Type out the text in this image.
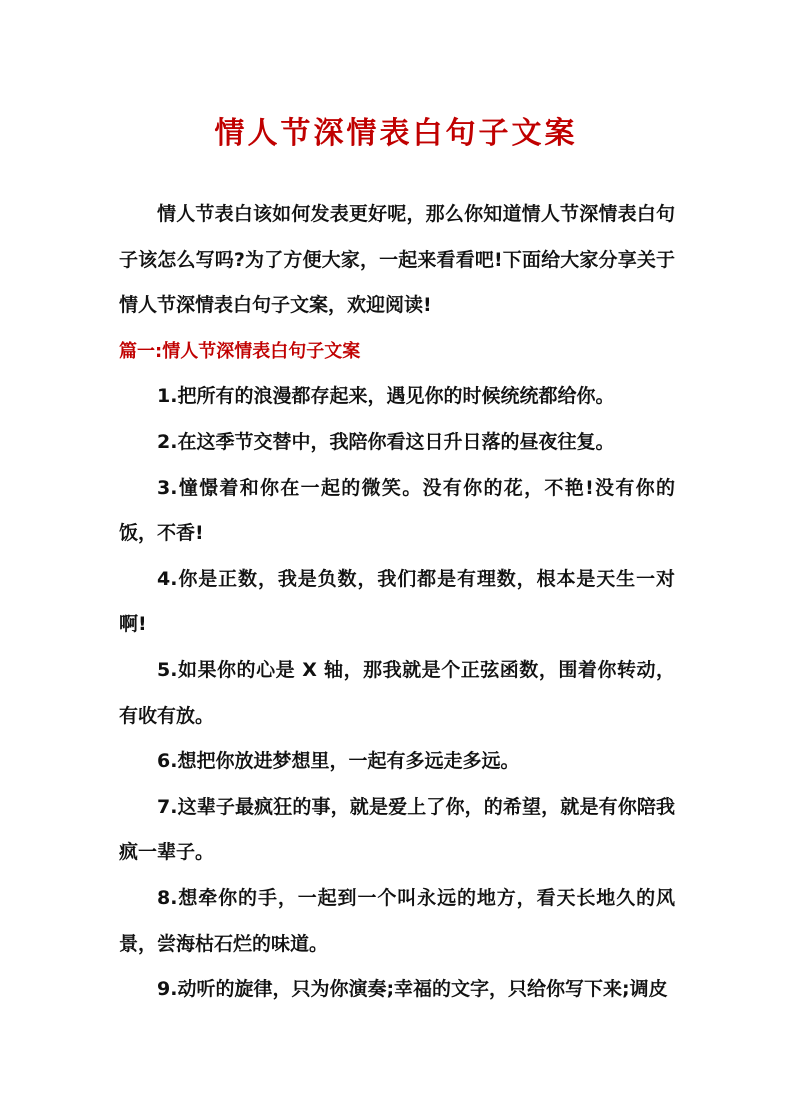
情人节深情表白句子文案

情人节表白该如何发表更好呢，那么你知道情人节深情表白句子该怎么写吗?为了方便大家，一起来看看吧!下面给大家分享关于情人节深情表白句子文案，欢迎阅读!

篇一:情人节深情表白句子文案

1.把所有的浪漫都存起来，遇见你的时候统统都给你。

2.在这季节交替中，我陪你看这日升日落的昼夜往复。

3.憧憬着和你在一起的微笑。没有你的花，不艳!没有你的饭，不香!

4.你是正数，我是负数，我们都是有理数，根本是天生一对啊!

5.如果你的心是 X 轴，那我就是个正弦函数，围着你转动，有收有放。

6.想把你放进梦想里，一起有多远走多远。

7.这辈子最疯狂的事，就是爱上了你，的希望，就是有你陪我疯一辈子。

8.想牵你的手，一起到一个叫永远的地方，看天长地久的风景，尝海枯石烂的味道。

9.动听的旋律，只为你演奏;幸福的文字，只给你写下来;调皮
